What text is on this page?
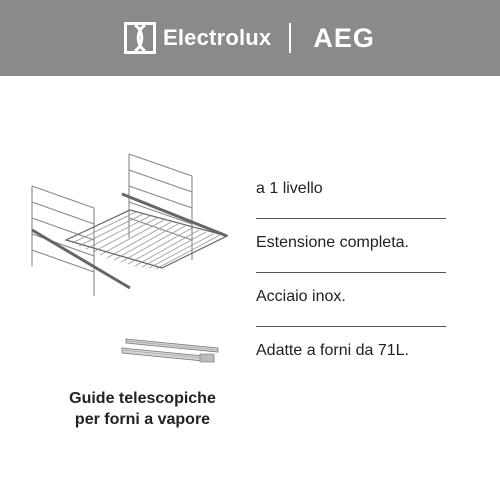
Electrolux AEG
Guide telescopiche
per forni a vapore
a 1 livello
Estensione completa.
Acciaio inox.
Adatte a forni da 71L.
